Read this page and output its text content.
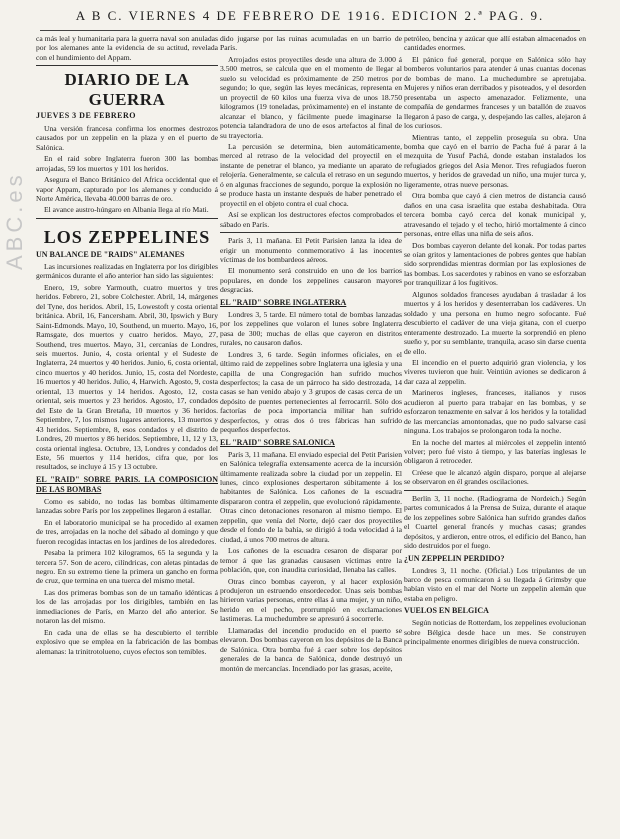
A B C. VIERNES 4 DE FEBRERO DE 1916. EDICION 2.ª PAG. 9.
ABC.es

ca más leal y humanitaria para la guerra naval son anuladas por los alemanes ante la evidencia de su actitud, revelada con el hundimiento del Appam.

DIARIO DE LA GUERRA
JUEVES 3 DE FEBRERO

Una versión francesa confirma los enormes destrozos causados por un zeppelin en la plaza y en el puerto de Salónica.

En el raid sobre Inglaterra fueron 300 las bombas arrojadas, 59 los muertos y 101 los heridos.

Asegura el Banco Británico del Africa occidental que el vapor Appam, capturado por los alemanes y conducido á Norte América, llevaba 40.000 barras de oro.

El avance austro-húngaro en Albania llega al río Mati.

LOS ZEPPELINES
UN BALANCE DE "RAIDS" ALEMANES

Las incursiones realizadas en Inglaterra por los dirigibles germánicos durante el año anterior han sido las siguientes:

Enero, 19, sobre Yarmouth, cuatro muertos y tres heridos. Febrero, 21, sobre Colchester. Abril, 14, márgenes del Tyne, dos heridos. Abril, 15, Lowestoft y costa oriental británica. Abril, 16, Fancersham. Abril, 30, Ipswich y Bury Saint-Edmonds. Mayo, 10, Southend, un muerto. Mayo, 16, Ramsgate, dos muertos y cuatro heridos. Mayo, 27, Southend, tres muertos. Mayo, 31, cercanías de Londres, seis muertos. Junio, 4, costa oriental y el Sudeste de Inglaterra, 24 muertos y 40 heridos. Junio, 6, costa oriental, cinco muertos y 40 heridos. Junio, 15, costa del Nordeste, 16 muertos y 40 heridos. Julio, 4, Harwich. Agosto, 9, costa oriental, 13 muertos y 14 heridos. Agosto, 12, costa oriental, seis muertos y 23 heridos. Agosto, 17, condados del Este de la Gran Bretaña, 10 muertos y 36 heridos. Septiembre, 7, los mismos lugares anteriores, 13 muertos y 43 heridos. Septiembre, 8, esos condados y el distrito de Londres, 20 muertos y 86 heridos. Septiembre, 11, 12 y 13, costa oriental inglesa. Octubre, 13, Londres y condados del Este, 56 muertos y 114 heridos, cifra que, por los resultados, se incluye á 15 y 13 octubre.

EL "RAID" SOBRE PARIS. LA COMPOSICION DE LAS BOMBAS

Como es sabido, no todas las bombas últimamente lanzadas sobre París por los zeppelines llegaron á estallar.

En el laboratorio municipal se ha procedido al examen de tres, arrojadas en la noche del sábado al domingo y que fueron recogidas intactas en los jardines de los alrededores.

Pesaba la primera 102 kilogramos, 65 la segunda y la tercera 57. Son de acero, cilíndricas, con aletas pintadas de negro. En su extremo tiene la primera un gancho en forma de cruz, que termina en una tuerca del mismo metal.

Las dos primeras bombas son de un tamaño idénticas á los de las arrojadas por los dirigibles, también en las inmediaciones de París, en Marzo del año anterior. Se notaron las del mismo.

En cada una de ellas se ha descubierto el terrible explosivo que se emplea en la fabricación de las bombas alemanas: la trinitrotolueno, cuyos efectos son temibles.

dido jugarse por las ruinas acumuladas en un barrio de París.

Arrojados estos proyectiles desde una altura de 3.000 á 3.500 metros, se calcula que en el momento de llegar al suelo su velocidad es próximamente de 250 metros por segundo; lo que, según las leyes mecánicas, representa en un proyectil de 60 kilos una fuerza viva de unos 18.750 kilogramos (19 toneladas, próximamente) en el instante de alcanzar el blanco, y fácilmente puede imaginarse la potencia talandradora de uno de esos artefactos al final de su trayectoria.

La percusión se determina, bien automáticamente, merced al retraso de la velocidad del proyectil en el instante de penetrar el blanco, ya mediante un aparato de relojería. Generalmente, se calcula el retraso en un segundo ó en algunas fracciones de segundo, porque la explosión no se produce hasta un instante después de haber penetrado el proyectil en el objeto contra el cual choca.

Así se explican los destructores efectos comprobados el sábado en París.

París 3, 11 mañana. El Petit Parisien lanza la idea de erigir un monumento conmemorativo á las inocentes víctimas de los bombardeos aéreos.

El monumento será construido en uno de los barrios populares, en donde los zeppelines causaron mayores desgracias.

EL "RAID" SOBRE INGLATERRA

Londres 3, 5 tarde. El número total de bombas lanzadas por los zeppelines que volaron el lunes sobre Inglaterra pasa de 300; muchas de ellas que cayeron en distritos rurales, no causaron daños.

Londres 3, 6 tarde. Según informes oficiales, en el último raid de zeppelines sobre Inglaterra una iglesia y una capilla de una Congregación han sufrido muchos desperfectos; la casa de un párroco ha sido destrozada, 14 casas se han venido abajo y 3 grupos de casas cerca de un depósito de puentes pertenecientes al ferrocarril. Sólo dos factorías de poca importancia militar han sufrido desperfectos, y otras dos ó tres fábricas han sufrido pequeños desperfectos.

EL "RAID" SOBRE SALONICA

París 3, 11 mañana. El enviado especial del Petit Parisien en Salónica telegrafía extensamente acerca de la incursión últimamente realizada sobre la ciudad por un zeppelin. El lunes, cinco explosiones despertaron súbitamente á los habitantes de Salónica. Los cañones de la escuadra dispararon contra el zeppelin, que evolucionó rápidamente. Otras cinco detonaciones resonaron al mismo tiempo. El zeppelin, que venía del Norte, dejó caer dos proyectiles desde el fondo de la bahía, se dirigió á toda velocidad á la ciudad, á unos 700 metros de altura.

Los cañones de la escuadra cesaron de disparar por temor á que las granadas causasen víctimas entre la población, que, con inaudita curiosidad, llenaba las calles.

Otras cinco bombas cayeron, y al hacer explosión produjeron un estruendo ensordecedor. Unas seis bombas hirieron varias personas, entre ellas á una mujer, y un niño, herido en el pecho, prorrumpió en exclamaciones lastimeras. La muchedumbre se apresuró á socorrerle.

Llamaradas del incendio producido en el puerto se elevaron. Dos bombas cayeron en los depósitos de la Banca de Salónica. Otra bomba fué á caer sobre los depósitos generales de la banca de Salónica, donde destruyó un montón de mercancías. Incendiado por las grasas, aceite,

petróleo, bencina y azúcar que allí estaban almacenados en cantidades enormes.

El pánico fué general, porque en Salónica sólo hay bomberos voluntarios para atender á unas cuantas docenas de bombas de mano. La muchedumbre se apretujaba. Mujeres y niños eran derribados y pisoteados, y el desorden presentaba un aspecto amenazador. Felizmente, una compañía de gendarmes franceses y un batallón de zuavos llegaron á paso de carga, y, despejando las calles, alejaron á los curiosos.

Mientras tanto, el zeppelin proseguía su obra. Una bomba que cayó en el barrio de Pacha fué á parar á la mezquita de Yusuf Pachá, donde estaban instalados los refugiados griegos del Asia Menor. Tres refugiados fueron muertos, y heridos de gravedad un niño, una mujer turca y, ligeramente, otras nueve personas.

Otra bomba que cayó á cien metros de distancia causó daños en una casa israelita que estaba deshabitada. Otra tercera bomba cayó cerca del konak municipal y, atravesando el tejado y el techo, hirió mortalmente á cinco personas, entre ellas una niña de seis años.

Dos bombas cayeron delante del konak. Por todas partes se oían gritos y lamentaciones de pobres gentes que habían sido sorprendidas mientras dormían por las explosiones de las bombas. Los sacerdotes y rabinos en vano se esforzaban por tranquilizar á los fugitivos.

Algunos soldados franceses ayudaban á trasladar á los muertos y á los heridos y desenterraban los cadáveres. Un soldado y una persona en humo negro sofocante. Fué descubierto el cadáver de una vieja gitana, con el cuerpo enteramente destrozado. La muerte la sorprendió en pleno sueño y, por su semblante, tranquila, acaso sin darse cuenta de ello.

El incendio en el puerto adquirió gran violencia, y los viveres tuvieron que huir. Veintiún aviones se dedicaron á dar caza al zeppelin.

Marineros ingleses, franceses, italianos y rusos acudieron al puerto para trabajar en las bombas, y se esforzaron tenazmente en salvar á los heridos y la totalidad de las mercancías amontonadas, que no pudo salvarse casi ninguna. Los trabajos se prolongaron toda la noche.

En la noche del martes al miércoles el zeppelin intentó volver; pero fué visto á tiempo, y las baterías inglesas le obligaron á retroceder.

Créese que le alcanzó algún disparo, porque al alejarse se observaron en él grandes oscilaciones.

Berlín 3, 11 noche. (Radiograma de Nordeich.) Según partes comunicados á la Prensa de Suiza, durante el ataque de los zeppelines sobre Salónica han sufrido grandes daños el Cuartel general francés y muchas casas; grandes depósitos, y ardieron, entre otros, el edificio del Banco, han sido destruidos por el fuego.

¿UN ZEPPELIN PERDIDO?

Londres 3, 11 noche. (Oficial.) Los tripulantes de un barco de pesca comunicaron á su llegada á Grimsby que habían visto en el mar del Norte un zeppelin alemán que estaba en peligro.

VUELOS EN BELGICA

Según noticias de Rotterdam, los zeppelines evolucionan sobre Bélgica desde hace un mes. Se construyen principalmente enormes dirigibles de nueva construcción.
